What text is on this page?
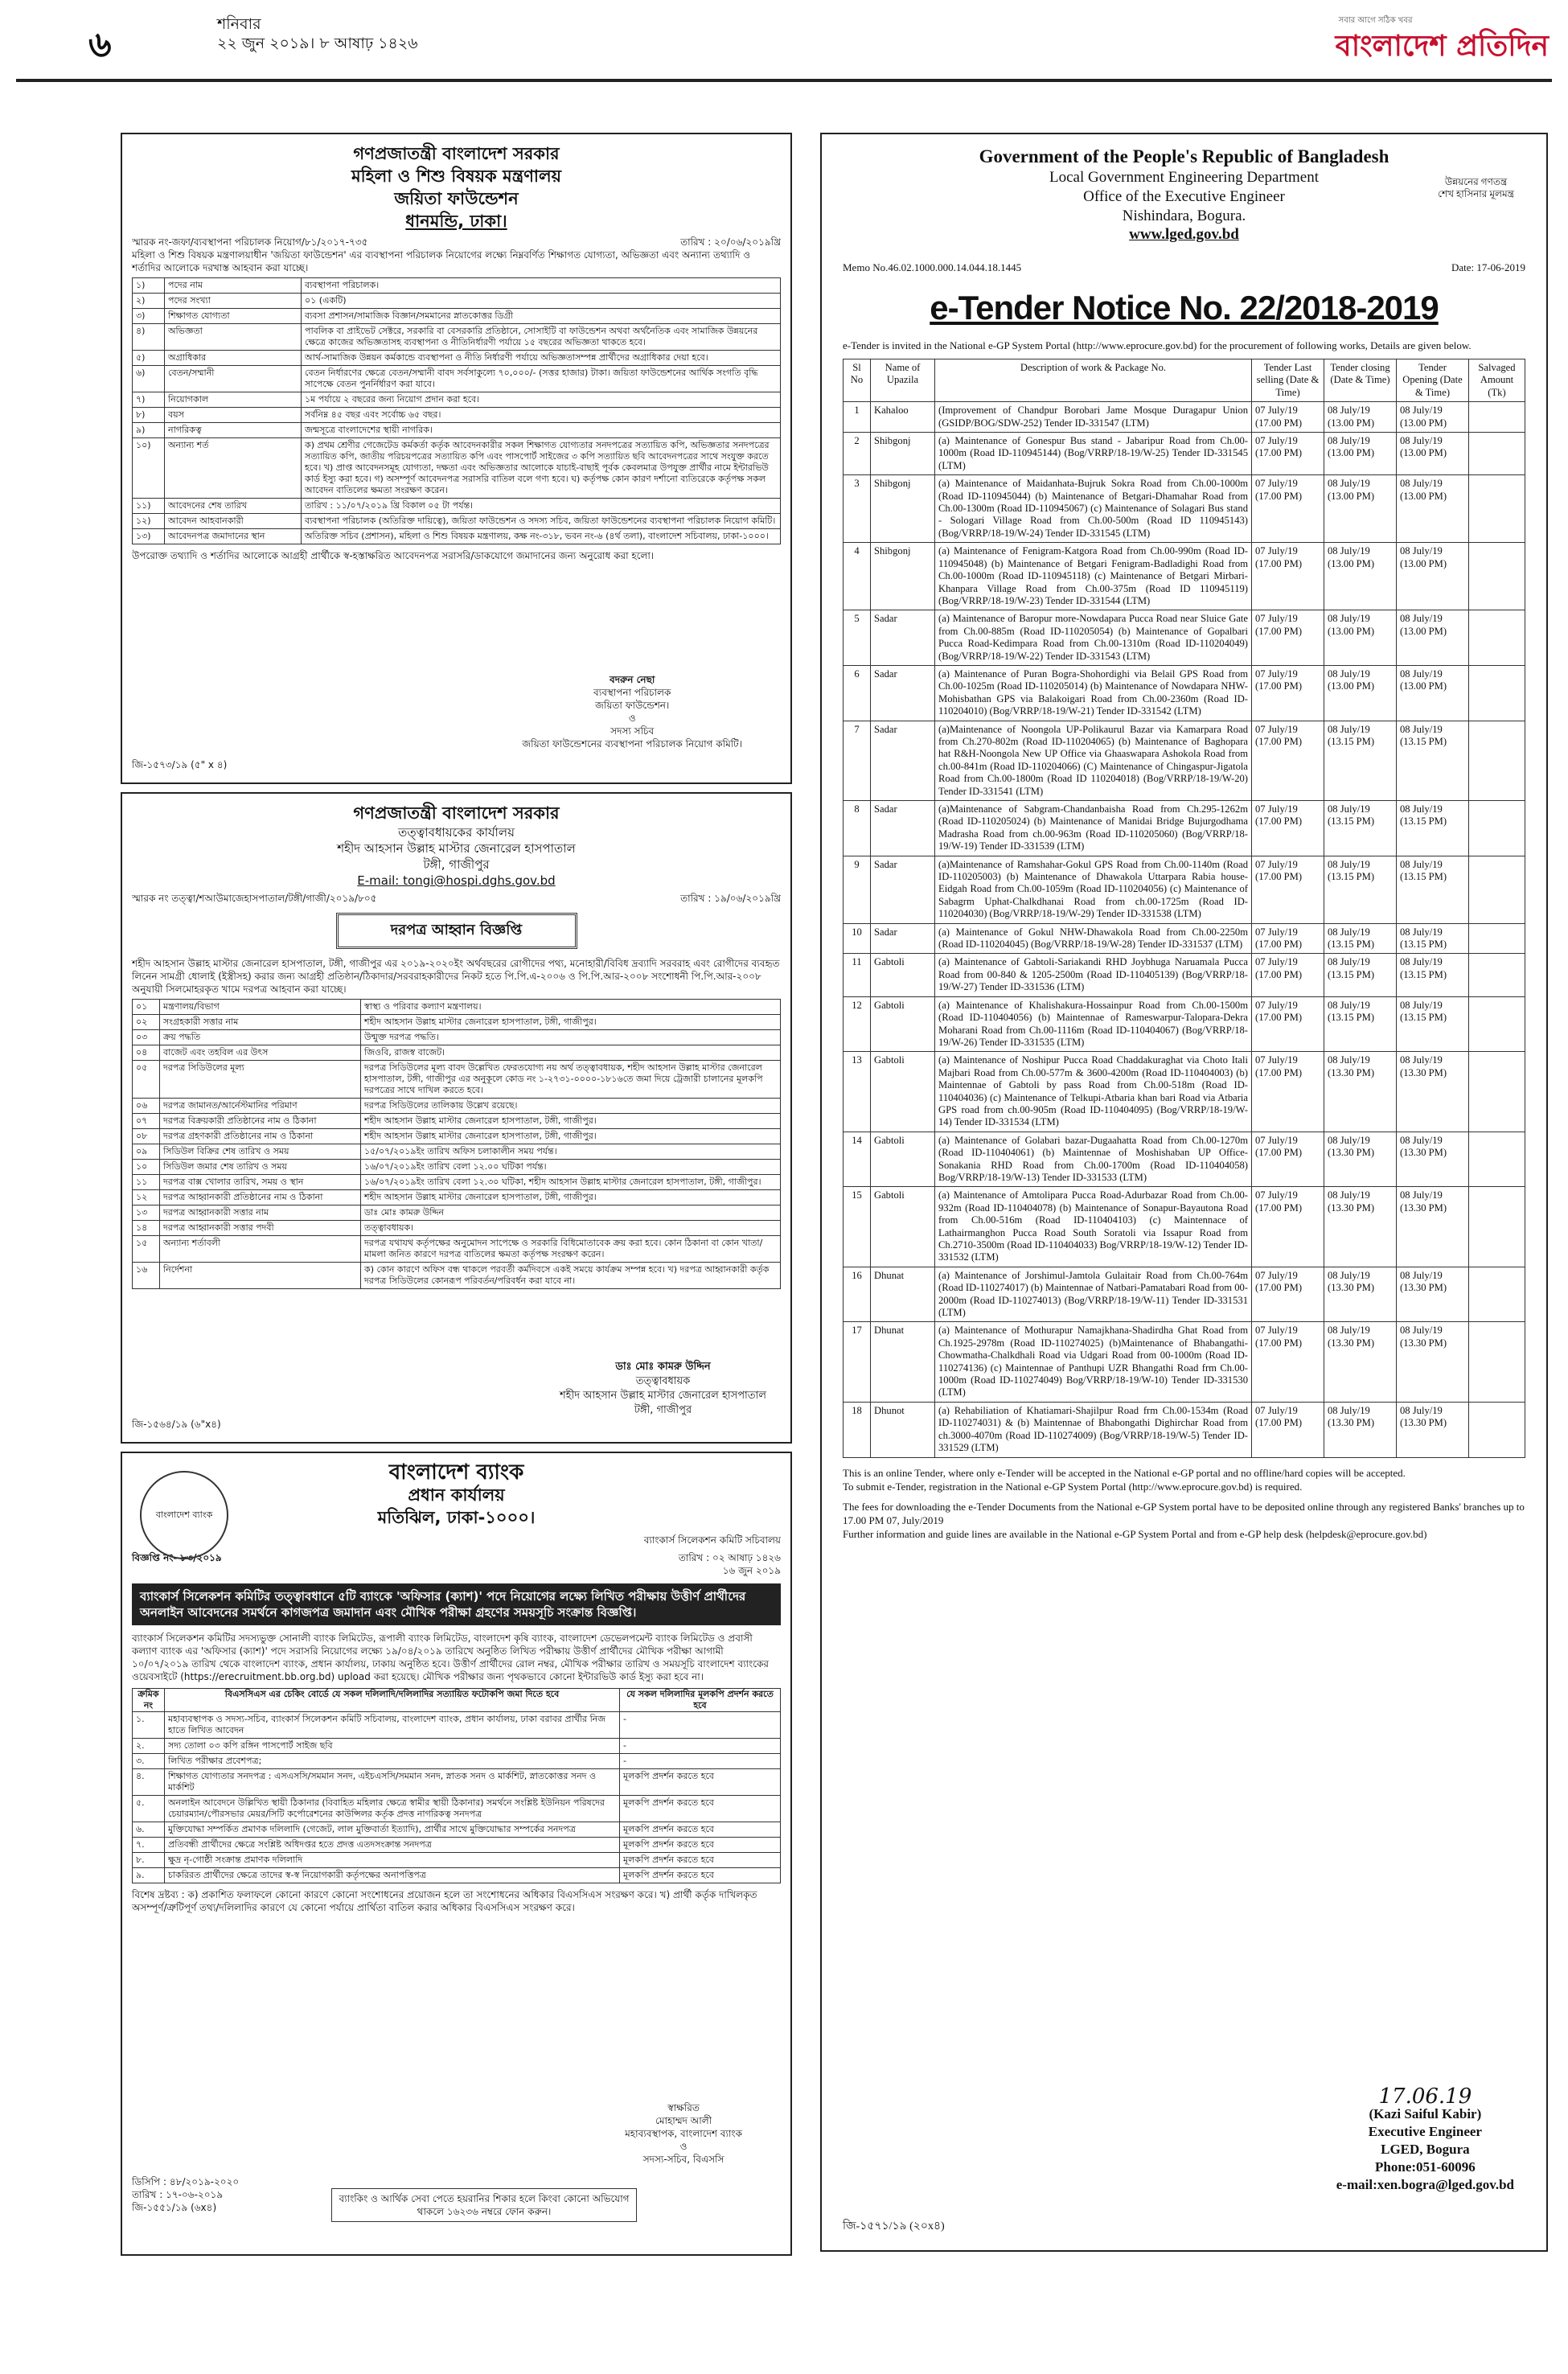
৬	শনিবার
২২ জুন ২০১৯। ৮ আষাঢ় ১৪২৬
সবার আগে সঠিক খবর
বাংলাদেশ প্রতিদিন
গণপ্রজাতন্ত্রী বাংলাদেশ সরকার
মহিলা ও শিশু বিষয়ক মন্ত্রণালয়
জয়িতা ফাউন্ডেশন
ধানমন্ডি, ঢাকা।
স্মারক নং-জফা/ব্যবস্থাপনা পরিচালক নিয়োগ/৮১/২০১৭-৭৩৫	তারিখ : ২০/০৬/২০১৯খ্রি
মহিলা ও শিশু বিষয়ক মন্ত্রণালয়াধীন 'জয়িতা ফাউন্ডেশন' এর ব্যবস্থাপনা পরিচালক নিয়োগের লক্ষ্যে নিম্নবর্ণিত শিক্ষাগত যোগ্যতা, অভিজ্ঞতা এবং অন্যান্য তথ্যাদি ও শর্তাদির আলোকে দরখাস্ত আহবান করা যাচ্ছে।
১)	পদের নাম	ব্যবস্থাপনা পরিচালক।
২)	পদের সংখ্যা	০১ (একটি)
৩)	শিক্ষাগত যোগ্যতা	ব্যবসা প্রশাসন/সামাজিক বিজ্ঞান/সমমানের স্নাতকোত্তর ডিগ্রী
৪)	অভিজ্ঞতা	পাবলিক বা প্রাইভেট সেক্টরে, সরকারি বা বেসরকারি প্রতিষ্ঠানে, সোসাইটি বা ফাউন্ডেশন অথবা অর্থনৈতিক এবং সামাজিক উন্নয়নের ক্ষেত্রে কাজের অভিজ্ঞতাসহ ব্যবস্থাপনা ও নীতিনির্ধারণী পর্যায়ে ১৫ বছরের অভিজ্ঞতা থাকতে হবে।
৫)	অগ্রাধিকার	আর্থ-সামাজিক উন্নয়ন কর্মকান্ডে ব্যবস্থাপনা ও নীতি নির্ধারণী পর্যায়ে অভিজ্ঞতাসম্পন্ন প্রার্থীদের অগ্রাধিকার দেয়া হবে।
৬)	বেতন/সম্মানী	বেতন নির্ধারণের ক্ষেত্রে বেতন/সম্মানী বাবদ সর্বসাকুল্যে ৭০,০০০/- (সত্তর হাজার) টাকা। জয়িতা ফাউন্ডেশনের আর্থিক সংগতি বৃদ্ধি সাপেক্ষে বেতন পুনর্নির্ধারণ করা যাবে।
৭)	নিয়োগকাল	১ম পর্যায়ে ২ বছরের জন্য নিয়োগ প্রদান করা হবে।
৮)	বয়স	সর্বনিম্ন ৪৫ বছর এবং সর্বোচ্চ ৬৫ বছর।
৯)	নাগরিকত্ব	জন্মসূত্রে বাংলাদেশের স্থায়ী নাগরিক।
১০)	অন্যান্য শর্ত	ক) প্রথম শ্রেণীর গেজেটেড কর্মকর্তা কর্তৃক আবেদনকারীর সকল শিক্ষাগত যোগ্যতার সনদপত্রের সত্যায়িত কপি, অভিজ্ঞতার সনদপত্রের সত্যায়িত কপি, জাতীয় পরিচয়পত্রের সত্যায়িত কপি এবং পাসপোর্ট সাইজের ৩ কপি সত্যায়িত ছবি আবেদনপত্রের সাথে সংযুক্ত করতে হবে। খ) প্রাপ্ত আবেদনসমূহ যোগ্যতা, দক্ষতা এবং অভিজ্ঞতার আলোকে যাচাই-বাছাই পূর্বক কেবলমাত্র উপযুক্ত প্রার্থীর নামে ইন্টারভিউ কার্ড ইস্যু করা হবে। গ) অসম্পূর্ণ আবেদনপত্র সরাসরি বাতিল বলে গণ্য হবে। ঘ) কর্তৃপক্ষ কোন কারণ দর্শানো ব্যতিরেকে কর্তৃপক্ষ সকল আবেদন বাতিলের ক্ষমতা সংরক্ষণ করেন।
১১)	আবেদনের শেষ তারিখ	তারিখ : ১১/০৭/২০১৯ খ্রি বিকাল ০৫ টা পর্যন্ত।
১২)	আবেদন আহবানকারী	ব্যবস্থাপনা পরিচালক (অতিরিক্ত দায়িত্বে), জয়িতা ফাউন্ডেশন ও সদস্য সচিব, জয়িতা ফাউন্ডেশনের ব্যবস্থাপনা পরিচালক নিয়োগ কমিটি।
১৩)	আবেদনপত্র জমাদানের স্থান	অতিরিক্ত সচিব (প্রশাসন), মহিলা ও শিশু বিষয়ক মন্ত্রণালয়, কক্ষ নং-৩১৮, ভবন নং-৬ (৪র্থ তলা), বাংলাদেশ সচিবালয়, ঢাকা-১০০০।
উপরোক্ত তথ্যাদি ও শর্তাদির আলোকে আগ্রহী প্রার্থীকে স্ব-হস্তাক্ষরিত আবেদনপত্র সরাসরি/ডাকযোগে জমাদানের জন্য অনুরোধ করা হলো।
বদরুন নেছা
ব্যবস্থাপনা পরিচালক
জয়িতা ফাউন্ডেশন।
ও
সদস্য সচিব
জয়িতা ফাউন্ডেশনের ব্যবস্থাপনা পরিচালক নিয়োগ কমিটি।
জি-১৫৭৩/১৯ (৫" x ৪)
গণপ্রজাতন্ত্রী বাংলাদেশ সরকার
তত্ত্বাবধায়কের কার্যালয়
শহীদ আহসান উল্লাহ মাস্টার জেনারেল হাসপাতাল
টঙ্গী, গাজীপুর
E-mail: tongi@hospi.dghs.gov.bd
স্মারক নং তত্ত্বা/শআউমাজেহাসপাতাল/টঙ্গী/গাজী/২০১৯/৮০৫	তারিখ : ১৯/০৬/২০১৯খ্রি
দরপত্র আহ্বান বিজ্ঞপ্তি
শহীদ আহসান উল্লাহ মাস্টার জেনারেল হাসপাতাল, টঙ্গী, গাজীপুর এর ২০১৯-২০২০ইং অর্থবছরের রোগীদের পথ্য, মনোহারী/বিবিধ দ্রব্যাদি সরবরাহ এবং রোগীদের ব্যবহৃত লিনেন সামগ্রী ধোলাই (ইস্ত্রীসহ) করার জন্য আগ্রহী প্রতিষ্ঠান/ঠিকাদার/সরবরাহকারীদের নিকট হতে পি.পি.এ-২০০৬ ও পি.পি.আর-২০০৮ সংশোধনী পি.পি.আর-২০০৮ অনুযায়ী সিলমোহরকৃত খামে দরপত্র আহবান করা যাচ্ছে।
০১	মন্ত্রণালয়/বিভাগ	স্বাস্থ্য ও পরিবার কল্যাণ মন্ত্রণালয়।
০২	সংগ্রহকারী সত্তার নাম	শহীদ আহসান উল্লাহ মাস্টার জেনারেল হাসপাতাল, টঙ্গী, গাজীপুর।
০৩	ক্রয় পদ্ধতি	উন্মুক্ত দরপত্র পদ্ধতি।
০৪	বাজেট এবং তহবিল এর উৎস	জিওবি, রাজস্ব বাজেট।
০৫	দরপত্র সিডিউলের মূল্য	দরপত্র সিডিউলের মূল্য বাবদ উল্লেখিত ফেরতযোগ্য নয় অর্থ তত্ত্বাবধায়ক, শহীদ আহসান উল্লাহ মাস্টার জেনারেল হাসপাতাল, টঙ্গী, গাজীপুর এর অনুকূলে কোড নং ১-২৭৩১-০০০০-১৮১৬তে জমা দিয়ে ট্রেজারী চালানের মূলকপি দরপত্রের সাথে দাখিল করতে হবে।
০৬	দরপত্র জামানত/আর্নেস্টমানির পরিমাণ	দরপত্র সিডিউলের তালিকায় উল্লেখ রয়েছে।
০৭	দরপত্র বিক্রয়কারী প্রতিষ্ঠানের নাম ও ঠিকানা	শহীদ আহসান উল্লাহ মাস্টার জেনারেল হাসপাতাল, টঙ্গী, গাজীপুর।
০৮	দরপত্র গ্রহণকারী প্রতিষ্ঠানের নাম ও ঠিকানা	শহীদ আহসান উল্লাহ মাস্টার জেনারেল হাসপাতাল, টঙ্গী, গাজীপুর।
০৯	সিডিউল বিক্রির শেষ তারিখ ও সময়	১৫/০৭/২০১৯ইং তারিখ অফিস চলাকালীন সময় পর্যন্ত।
১০	সিডিউল জমার শেষ তারিখ ও সময়	১৬/০৭/২০১৯ইং তারিখ বেলা ১২.০০ ঘটিকা পর্যন্ত।
১১	দরপত্র বাক্স খোলার তারিখ, সময় ও স্থান	১৬/০৭/২০১৯ইং তারিখ বেলা ১২.৩০ ঘটিকা, শহীদ আহসান উল্লাহ মাস্টার জেনারেল হাসপাতাল, টঙ্গী, গাজীপুর।
১২	দরপত্র আহ্বানকারী প্রতিষ্ঠানের নাম ও ঠিকানা	শহীদ আহসান উল্লাহ মাস্টার জেনারেল হাসপাতাল, টঙ্গী, গাজীপুর।
১৩	দরপত্র আহ্বানকারী সত্তার নাম	ডাঃ মোঃ কামরু উদ্দিন
১৪	দরপত্র আহ্বানকারী সত্তার পদবী	তত্ত্বাবধায়ক।
১৫	অন্যান্য শর্তাবলী	দরপত্র যথাযথ কর্তৃপক্ষের অনুমোদন সাপেক্ষে ও সরকারি বিধিমোতাবেক ক্রয় করা হবে। কোন ঠিকানা বা কোন খাতা/মামলা জনিত কারণে দরপত্র বাতিলের ক্ষমতা কর্তৃপক্ষ সংরক্ষণ করেন।
১৬	নির্দেশনা	ক) কোন কারণে অফিস বন্ধ থাকলে পরবর্তী কর্মদিবসে একই সময়ে কার্যক্রম সম্পন্ন হবে। খ) দরপত্র আহ্বানকারী কর্তৃক দরপত্র সিডিউলের কোনরূপ পরিবর্তন/পরিবর্ধন করা যাবে না।
ডাঃ মোঃ কামরু উদ্দিন
তত্ত্বাবধায়ক
শহীদ আহসান উল্লাহ মাস্টার জেনারেল হাসপাতাল
টঙ্গী, গাজীপুর
জি-১৫৬৪/১৯ (৬"x৪)
বাংলাদেশ ব্যাংক
বাংলাদেশ ব্যাংক
প্রধান কার্যালয়
মতিঝিল, ঢাকা-১০০০।
ব্যাংকার্স সিলেকশন কমিটি সচিবালয়
বিজ্ঞপ্তি নং- ৮৩/২০১৯	তারিখ : ০২ আষাঢ় ১৪২৬
১৬ জুন ২০১৯
ব্যাংকার্স সিলেকশন কমিটির তত্ত্বাবধানে ৫টি ব্যাংকে 'অফিসার (ক্যাশ)' পদে নিয়োগের লক্ষ্যে লিখিত পরীক্ষায় উত্তীর্ণ প্রার্থীদের অনলাইন আবেদনের সমর্থনে কাগজপত্র জমাদান এবং মৌখিক পরীক্ষা গ্রহণের সময়সূচি সংক্রান্ত বিজ্ঞপ্তি।
ব্যাংকার্স সিলেকশন কমিটির সদস্যভুক্ত সোনালী ব্যাংক লিমিটেড, রূপালী ব্যাংক লিমিটেড, বাংলাদেশ কৃষি ব্যাংক, বাংলাদেশ ডেভেলপমেন্ট ব্যাংক লিমিটেড ও প্রবাসী কল্যাণ ব্যাংক এর 'অফিসার (ক্যাশ)' পদে সরাসরি নিয়োগের লক্ষ্যে ১৯/০৪/২০১৯ তারিখে অনুষ্ঠিত লিখিত পরীক্ষায় উত্তীর্ণ প্রার্থীদের মৌখিক পরীক্ষা আগামী ১০/০৭/২০১৯ তারিখ থেকে বাংলাদেশ ব্যাংক, প্রধান কার্যালয়, ঢাকায় অনুষ্ঠিত হবে। উত্তীর্ণ প্রার্থীদের রোল নম্বর, মৌখিক পরীক্ষার তারিখ ও সময়সূচি বাংলাদেশ ব্যাংকের ওয়েবসাইটে (https://erecruitment.bb.org.bd) upload করা হয়েছে। মৌখিক পরীক্ষার জন্য পৃথকভাবে কোনো ইন্টারভিউ কার্ড ইস্যু করা হবে না।
ক্রমিক নং	বিএসসিএস এর চেকিং বোর্ডে যে সকল দলিলাদি/দলিলাদির সত্যায়িত ফটোকপি জমা দিতে হবে	যে সকল দলিলাদির মূলকপি প্রদর্শন করতে হবে
১.	মহাব্যবস্থাপক ও সদস্য-সচিব, ব্যাংকার্স সিলেকশন কমিটি সচিবালয়, বাংলাদেশ ব্যাংক, প্রধান কার্যালয়, ঢাকা বরাবর প্রার্থীর নিজ হাতে লিখিত আবেদন	-
২.	সদ্য তোলা ০৩ কপি রঙ্গিন পাসপোর্ট সাইজ ছবি	-
৩.	লিখিত পরীক্ষার প্রবেশপত্র;	-
৪.	শিক্ষাগত যোগ্যতার সনদপত্র : এসএসসি/সমমান সনদ, এইচএসসি/সমমান সনদ, স্নাতক সনদ ও মার্কশিট, স্নাতকোত্তর সনদ ও মার্কশিট	মূলকপি প্রদর্শন করতে হবে
৫.	অনলাইন আবেদনে উল্লিখিত স্থায়ী ঠিকানার (বিবাহিত মহিলার ক্ষেত্রে স্বামীর স্থায়ী ঠিকানার) সমর্থনে সংশ্লিষ্ট ইউনিয়ন পরিষদের চেয়ারম্যান/পৌরসভার মেয়র/সিটি কর্পোরেশনের কাউন্সিলর কর্তৃক প্রদত্ত নাগরিকত্ব সনদপত্র	মূলকপি প্রদর্শন করতে হবে
৬.	মুক্তিযোদ্ধা সম্পর্কিত প্রমাণক দলিলাদি (গেজেট, লাল মুক্তিবার্তা ইত্যাদি), প্রার্থীর সাথে মুক্তিযোদ্ধার সম্পর্কের সনদপত্র	মূলকপি প্রদর্শন করতে হবে
৭.	প্রতিবন্ধী প্রার্থীদের ক্ষেত্রে সংশ্লিষ্ট অধিদপ্তর হতে প্রদত্ত এতদসংক্রান্ত সনদপত্র	মূলকপি প্রদর্শন করতে হবে
৮.	ক্ষুদ্র নৃ-গোষ্ঠী সংক্রান্ত প্রমাণক দলিলাদি	মূলকপি প্রদর্শন করতে হবে
৯.	চাকরিরত প্রার্থীদের ক্ষেত্রে তাদের স্ব-স্ব নিয়োগকারী কর্তৃপক্ষের অনাপত্তিপত্র	মূলকপি প্রদর্শন করতে হবে
বিশেষ দ্রষ্টব্য : ক) প্রকাশিত ফলাফলে কোনো কারণে কোনো সংশোধনের প্রয়োজন হলে তা সংশোধনের অধিকার বিএসসিএস সংরক্ষণ করে। খ) প্রার্থী কর্তৃক দাখিলকৃত অসম্পূর্ণ/ত্রুটিপূর্ণ তথ্য/দলিলাদির কারণে যে কোনো পর্যায়ে প্রার্থিতা বাতিল করার অধিকার বিএসসিএস সংরক্ষণ করে।
স্বাক্ষরিত
মোহাম্মদ আলী
মহাব্যবস্থাপক, বাংলাদেশ ব্যাংক
ও
সদস্য-সচিব, বিএসসি
ডিসিপি : ৪৮/২০১৯-২০২০
তারিখ : ১৭-০৬-২০১৯
জি-১৫৫১/১৯ (৬x৪)
ব্যাংকিং ও আর্থিক সেবা পেতে হয়রানির শিকার হলে কিংবা কোনো অভিযোগ থাকলে ১৬২৩৬ নম্বরে ফোন করুন।
উন্নয়নের গণতন্ত্র
শেখ হাসিনার মূলমন্ত্র
Government of the People's Republic of Bangladesh
Local Government Engineering Department
Office of the Executive Engineer
Nishindara, Bogura.
www.lged.gov.bd
Memo No.46.02.1000.000.14.044.18.1445	Date: 17-06-2019
e-Tender Notice No. 22/2018-2019
e-Tender is invited in the National e-GP System Portal (http://www.eprocure.gov.bd) for the procurement of following works, Details are given below.
Sl No	Name of Upazila	Description of work & Package No.	Tender Last selling (Date & Time)	Tender closing (Date & Time)	Tender Opening (Date & Time)	Salvaged Amount (Tk)
1	Kahaloo	(Improvement of Chandpur Borobari Jame Mosque Duragapur Union (GSIDP/BOG/SDW-252) Tender ID-331547 (LTM)	07 July/19 (17.00 PM)	08 July/19 (13.00 PM)	08 July/19 (13.00 PM)	
2	Shibgonj	(a) Maintenance of Gonespur Bus stand - Jabaripur Road from Ch.00-1000m (Road ID-110945144) (Bog/VRRP/18-19/W-25) Tender ID-331545 (LTM)	07 July/19 (17.00 PM)	08 July/19 (13.00 PM)	08 July/19 (13.00 PM)	
3	Shibgonj	(a) Maintenance of Maidanhata-Bujruk Sokra Road from Ch.00-1000m (Road ID-110945044) (b) Maintenance of Betgari-Dhamahar Road from Ch.00-1300m (Road ID-110945067) (c) Maintenance of Solagari Bus stand - Sologari Village Road from Ch.00-500m (Road ID 110945143) (Bog/VRRP/18-19/W-24) Tender ID-331545 (LTM)	07 July/19 (17.00 PM)	08 July/19 (13.00 PM)	08 July/19 (13.00 PM)	
4	Shibgonj	(a) Maintenance of Fenigram-Katgora Road from Ch.00-990m (Road ID-110945048) (b) Maintenance of Betgari Fenigram-Badladighi Road from Ch.00-1000m (Road ID-110945118) (c) Maintenance of Betgari Mirbari-Khanpara Village Road from Ch.00-375m (Road ID 110945119) (Bog/VRRP/18-19/W-23) Tender ID-331544 (LTM)	07 July/19 (17.00 PM)	08 July/19 (13.00 PM)	08 July/19 (13.00 PM)	
5	Sadar	(a) Maintenance of Baropur more-Nowdapara Pucca Road near Sluice Gate from Ch.00-885m (Road ID-110205054) (b) Maintenance of Gopalbari Pucca Road-Kedimpara Road from Ch.00-1310m (Road ID-110204049) (Bog/VRRP/18-19/W-22) Tender ID-331543 (LTM)	07 July/19 (17.00 PM)	08 July/19 (13.00 PM)	08 July/19 (13.00 PM)	
6	Sadar	(a) Maintenance of Puran Bogra-Shohordighi via Belail GPS Road from Ch.00-1025m (Road ID-110205014) (b) Maintenance of Nowdapara NHW-Mohisbathan GPS via Balakoigari Road from Ch.00-2360m (Road ID-110204010) (Bog/VRRP/18-19/W-21) Tender ID-331542 (LTM)	07 July/19 (17.00 PM)	08 July/19 (13.00 PM)	08 July/19 (13.00 PM)	
7	Sadar	(a)Maintenance of Noongola UP-Polikaurul Bazar via Kamarpara Road from Ch.270-802m (Road ID-110204065) (b) Maintenance of Baghopara hat R&H-Noongola New UP Office via Ghaaswapara Ashokola Road from ch.00-841m (Road ID-110204066) (C) Maintenance of Chingaspur-Jigatola Road from Ch.00-1800m (Road ID 110204018) (Bog/VRRP/18-19/W-20) Tender ID-331541 (LTM)	07 July/19 (17.00 PM)	08 July/19 (13.15 PM)	08 July/19 (13.15 PM)	
8	Sadar	(a)Maintenance of Sabgram-Chandanbaisha Road from Ch.295-1262m (Road ID-110205024) (b) Maintenance of Manidai Bridge Bujurgodhama Madrasha Road from ch.00-963m (Road ID-110205060) (Bog/VRRP/18-19/W-19) Tender ID-331539 (LTM)	07 July/19 (17.00 PM)	08 July/19 (13.15 PM)	08 July/19 (13.15 PM)	
9	Sadar	(a)Maintenance of Ramshahar-Gokul GPS Road from Ch.00-1140m (Road ID-110205003) (b) Maintenance of Dhawakola Uttarpara Rabia house-Eidgah Road from Ch.00-1059m (Road ID-110204056) (c) Maintenance of Sabagrm Uphat-Chalkdhanai Road from ch.00-1725m (Road ID-110204030) (Bog/VRRP/18-19/W-29) Tender ID-331538 (LTM)	07 July/19 (17.00 PM)	08 July/19 (13.15 PM)	08 July/19 (13.15 PM)	
10	Sadar	(a) Maintenance of Gokul NHW-Dhawakola Road from Ch.00-2250m (Road ID-110204045) (Bog/VRRP/18-19/W-28) Tender ID-331537 (LTM)	07 July/19 (17.00 PM)	08 July/19 (13.15 PM)	08 July/19 (13.15 PM)	
11	Gabtoli	(a) Maintenance of Gabtoli-Sariakandi RHD Joybhuga Naruamala Pucca Road from 00-840 & 1205-2500m (Road ID-110405139) (Bog/VRRP/18-19/W-27) Tender ID-331536 (LTM)	07 July/19 (17.00 PM)	08 July/19 (13.15 PM)	08 July/19 (13.15 PM)	
12	Gabtoli	(a) Maintenance of Khalishakura-Hossainpur Road from Ch.00-1500m (Road ID-110404056) (b) Maintennae of Rameswarpur-Talopara-Dekra Moharani Road from Ch.00-1116m (Road ID-110404067) (Bog/VRRP/18-19/W-26) Tender ID-331535 (LTM)	07 July/19 (17.00 PM)	08 July/19 (13.15 PM)	08 July/19 (13.15 PM)	
13	Gabtoli	(a) Maintenance of Noshipur Pucca Road Chaddakuraghat via Choto Itali Majbari Road from Ch.00-577m & 3600-4200m (Road ID-110404003) (b) Maintennae of Gabtoli by pass Road from Ch.00-518m (Road ID-110404036) (c) Maintenance of Telkupi-Atbaria khan bari Road via Atbaria GPS road from ch.00-905m (Road ID-110404095) (Bog/VRRP/18-19/W-14) Tender ID-331534 (LTM)	07 July/19 (17.00 PM)	08 July/19 (13.30 PM)	08 July/19 (13.30 PM)	
14	Gabtoli	(a) Maintenance of Golabari bazar-Dugaahatta Road from Ch.00-1270m (Road ID-110404061) (b) Maintennae of Moshishaban UP Office-Sonakania RHD Road from Ch.00-1700m (Road ID-110404058) Bog/VRRP/18-19/W-13) Tender ID-331533 (LTM)	07 July/19 (17.00 PM)	08 July/19 (13.30 PM)	08 July/19 (13.30 PM)	
15	Gabtoli	(a) Maintenance of Amtolipara Pucca Road-Adurbazar Road from Ch.00-932m (Road ID-110404078) (b) Maintenance of Sonapur-Bayautona Road from Ch.00-516m (Road ID-110404103) (c) Maintennace of Lathairmanghon Pucca Road South Soratoli via Issapur Road from Ch.2710-3500m (Road ID-110404033) Bog/VRRP/18-19/W-12) Tender ID-331532 (LTM)	07 July/19 (17.00 PM)	08 July/19 (13.30 PM)	08 July/19 (13.30 PM)	
16	Dhunat	(a) Maintenance of Jorshimul-Jamtola Gulaitair Road from Ch.00-764m (Road ID-110274017) (b) Maintennae of Natbari-Pamatabari Road from 00-2000m (Road ID-110274013) (Bog/VRRP/18-19/W-11) Tender ID-331531 (LTM)	07 July/19 (17.00 PM)	08 July/19 (13.30 PM)	08 July/19 (13.30 PM)	
17	Dhunat	(a) Maintenance of Mothurapur Namajkhana-Shadirdha Ghat Road from Ch.1925-2978m (Road ID-110274025) (b)Maintenance of Bhabangathi-Chowmatha-Chalkdhali Road via Udgari Road from 00-1000m (Road ID-110274136) (c) Maintennae of Panthupi UZR Bhangathi Road frm Ch.00-1000m (Road ID-110274049) Bog/VRRP/18-19/W-10) Tender ID-331530 (LTM)	07 July/19 (17.00 PM)	08 July/19 (13.30 PM)	08 July/19 (13.30 PM)	
18	Dhunot	(a) Rehabiliation of Khatiamari-Shajilpur Road frm Ch.00-1534m (Road ID-110274031) & (b) Maintennae of Bhabongathi Dighirchar Road from ch.3000-4070m (Road ID-110274009) (Bog/VRRP/18-19/W-5) Tender ID-331529 (LTM)	07 July/19 (17.00 PM)	08 July/19 (13.30 PM)	08 July/19 (13.30 PM)	
This is an online Tender, where only e-Tender will be accepted in the National e-GP portal and no offline/hard copies will be accepted.
To submit e-Tender, registration in the National e-GP System Portal (http://www.eprocure.gov.bd) is required.
The fees for downloading the e-Tender Documents from the National e-GP System portal have to be deposited online through any registered Banks' branches up to 17.00 PM 07, July/2019
Further information and guide lines are available in the National e-GP System Portal and from e-GP help desk (helpdesk@eprocure.gov.bd)
17.06.19
(Kazi Saiful Kabir)
Executive Engineer
LGED, Bogura
Phone:051-60096
e-mail:xen.bogra@lged.gov.bd
জি-১৫৭১/১৯ (২০x৪)
